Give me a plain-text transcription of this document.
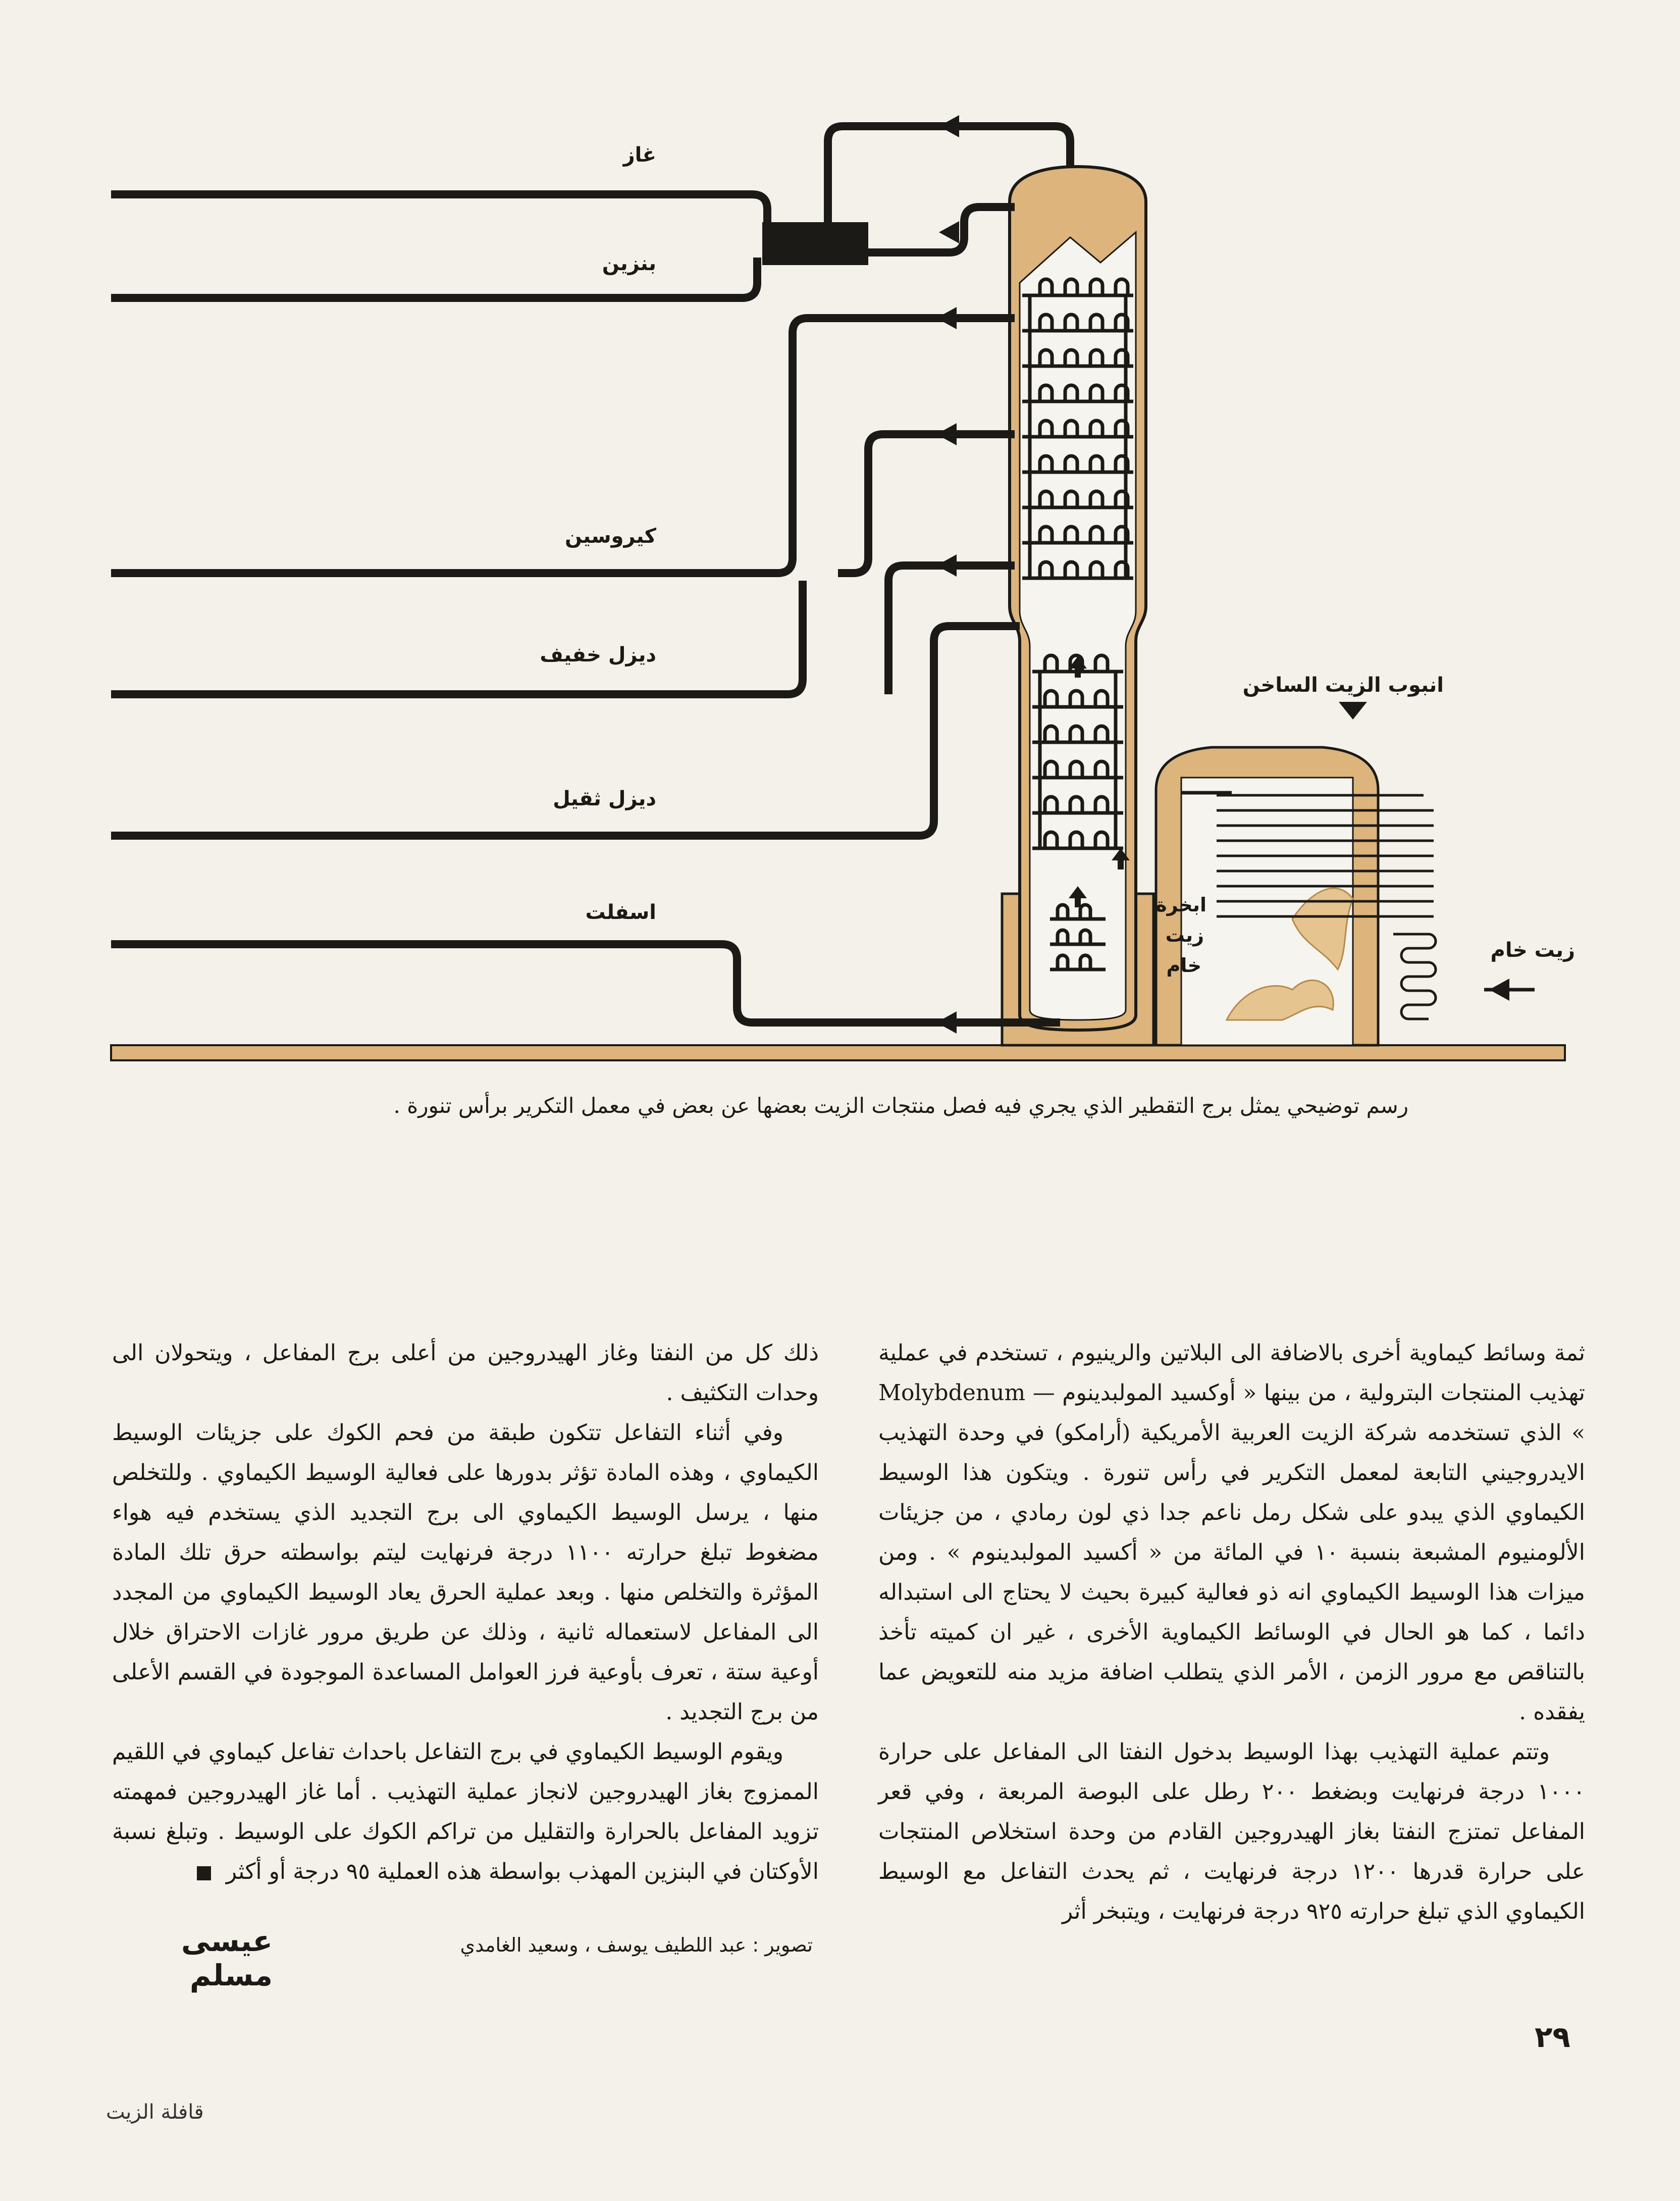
غاز
بنزين
كيروسين
ديزل خفيف
ديزل ثقيل
اسفلت
انبوب الزيت الساخن
ابخرة
زيت
خام
زيت خام
رسم توضيحي يمثل برج التقطير الذي يجري فيه فصل منتجات الزيت بعضها عن بعض في معمل التكرير برأس تنورة .

ثمة وسائط كيماوية أخرى بالاضافة الى البلاتين والرينيوم ، تستخدم في عملية تهذيب المنتجات البترولية ، من بينها « أوكسيد المولبدينوم — Molybdenum » الذي تستخدمه شركة الزيت العربية الأمريكية (أرامكو) في وحدة التهذيب الايدروجيني التابعة لمعمل التكرير في رأس تنورة . ويتكون هذا الوسيط الكيماوي الذي يبدو على شكل رمل ناعم جدا ذي لون رمادي ، من جزيئات الألومنيوم المشبعة بنسبة ١٠ في المائة من « أكسيد المولبدينوم » . ومن ميزات هذا الوسيط الكيماوي انه ذو فعالية كبيرة بحيث لا يحتاج الى استبداله دائما ، كما هو الحال في الوسائط الكيماوية الأخرى ، غير ان كميته تأخذ بالتناقص مع مرور الزمن ، الأمر الذي يتطلب اضافة مزيد منه للتعويض عما يفقده .

وتتم عملية التهذيب بهذا الوسيط بدخول النفتا الى المفاعل على حرارة ١٠٠٠ درجة فرنهايت وبضغط ٢٠٠ رطل على البوصة المربعة ، وفي قعر المفاعل تمتزج النفتا بغاز الهيدروجين القادم من وحدة استخلاص المنتجات على حرارة قدرها ١٢٠٠ درجة فرنهايت ، ثم يحدث التفاعل مع الوسيط الكيماوي الذي تبلغ حرارته ٩٢٥ درجة فرنهايت ، ويتبخر أثر

ذلك كل من النفتا وغاز الهيدروجين من أعلى برج المفاعل ، ويتحولان الى وحدات التكثيف .

وفي أثناء التفاعل تتكون طبقة من فحم الكوك على جزيئات الوسيط الكيماوي ، وهذه المادة تؤثر بدورها على فعالية الوسيط الكيماوي . وللتخلص منها ، يرسل الوسيط الكيماوي الى برج التجديد الذي يستخدم فيه هواء مضغوط تبلغ حرارته ١١٠٠ درجة فرنهايت ليتم بواسطته حرق تلك المادة المؤثرة والتخلص منها . وبعد عملية الحرق يعاد الوسيط الكيماوي من المجدد الى المفاعل لاستعماله ثانية ، وذلك عن طريق مرور غازات الاحتراق خلال أوعية ستة ، تعرف بأوعية فرز العوامل المساعدة الموجودة في القسم الأعلى من برج التجديد .

ويقوم الوسيط الكيماوي في برج التفاعل باحداث تفاعل كيماوي في اللقيم الممزوج بغاز الهيدروجين لانجاز عملية التهذيب . أما غاز الهيدروجين فمهمته تزويد المفاعل بالحرارة والتقليل من تراكم الكوك على الوسيط . وتبلغ نسبة الأوكتان في البنزين المهذب بواسطة هذه العملية ٩٥ درجة أو أكثر

تصوير : عبد اللطيف يوسف ، وسعيد الغامدي
عيسى مسلم
٢٩
قافلة الزيت
